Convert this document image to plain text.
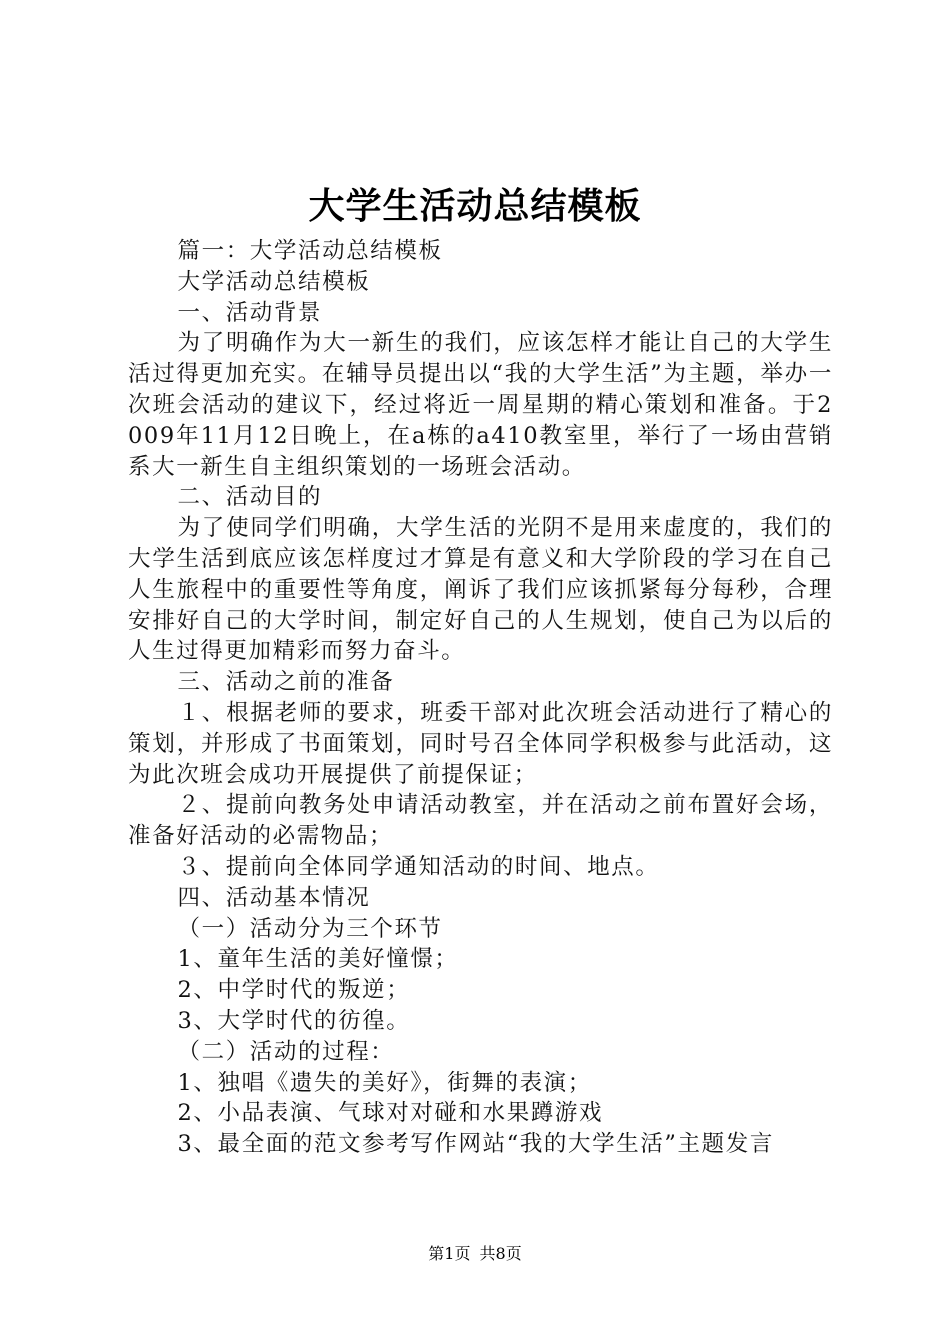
大学生活动总结模板

篇一：大学活动总结模板

大学活动总结模板

一、活动背景

为了明确作为大一新生的我们，应该怎样才能让自己的大学生活过得更加充实。在辅导员提出以“我的大学生活”为主题，举办一次班会活动的建议下，经过将近一周星期的精心策划和准备。于2009年11月12日晚上，在a栋的a410教室里，举行了一场由营销系大一新生自主组织策划的一场班会活动。

二、活动目的

为了使同学们明确，大学生活的光阴不是用来虚度的，我们的大学生活到底应该怎样度过才算是有意义和大学阶段的学习在自己人生旅程中的重要性等角度，阐诉了我们应该抓紧每分每秒，合理安排好自己的大学时间，制定好自己的人生规划，使自己为以后的人生过得更加精彩而努力奋斗。

三、活动之前的准备

１、根据老师的要求，班委干部对此次班会活动进行了精心的策划，并形成了书面策划，同时号召全体同学积极参与此活动，这为此次班会成功开展提供了前提保证；

２、提前向教务处申请活动教室，并在活动之前布置好会场，准备好活动的必需物品；

３、提前向全体同学通知活动的时间、地点。

四、活动基本情况

（一）活动分为三个环节

1、童年生活的美好憧憬；

2、中学时代的叛逆；

3、大学时代的彷徨。

（二）活动的过程：

1、独唱《遗失的美好》，街舞的表演；

2、小品表演、气球对对碰和水果蹲游戏

3、最全面的范文参考写作网站“我的大学生活”主题发言

第1页 共8页
